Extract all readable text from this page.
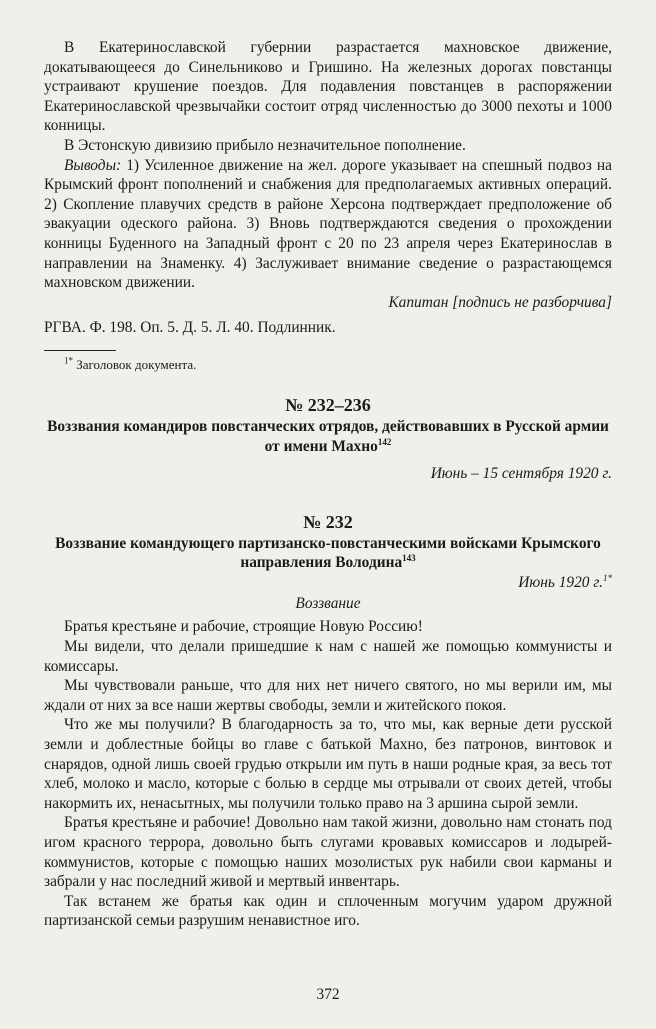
В Екатеринославской губернии разрастается махновское движение, докатывающееся до Синельниково и Гришино. На железных дорогах повстанцы устраивают крушение поездов. Для подавления повстанцев в распоряжении Екатеринославской чрезвычайки состоит отряд численностью до 3000 пехоты и 1000 конницы.

В Эстонскую дивизию прибыло незначительное пополнение.

Выводы: 1) Усиленное движение на жел. дороге указывает на спешный подвоз на Крымский фронт пополнений и снабжения для предполагаемых активных операций. 2) Скопление плавучих средств в районе Херсона подтверждает предположение об эвакуации одеского района. 3) Вновь подтверждаются сведения о прохождении конницы Буденного на Западный фронт с 20 по 23 апреля через Екатеринослав в направлении на Знаменку. 4) Заслуживает внимание сведение о разрастающемся махновском движении.

Капитан [подпись не разборчива]

РГВА. Ф. 198. Оп. 5. Д. 5. Л. 40. Подлинник.

$^{1*}$ Заголовок документа.

№ 232–236
Воззвания командиров повстанческих отрядов, действовавших в Русской армии от имени Махно$^{142}$

Июнь – 15 сентября 1920 г.

№ 232
Воззвание командующего партизанско-повстанческими войсками Крымского направления Володина$^{143}$

Июнь 1920 г.$^{1*}$

Воззвание

Братья крестьяне и рабочие, строящие Новую Россию!

Мы видели, что делали пришедшие к нам с нашей же помощью коммунисты и комиссары.

Мы чувствовали раньше, что для них нет ничего святого, но мы верили им, мы ждали от них за все наши жертвы свободы, земли и житейского покоя.

Что же мы получили? В благодарность за то, что мы, как верные дети русской земли и доблестные бойцы во главе с батькой Махно, без патронов, винтовок и снарядов, одной лишь своей грудью открыли им путь в наши родные края, за весь тот хлеб, молоко и масло, которые с болью в сердце мы отрывали от своих детей, чтобы накормить их, ненасытных, мы получили только право на 3 аршина сырой земли.

Братья крестьяне и рабочие! Довольно нам такой жизни, довольно нам стонать под игом красного террора, довольно быть слугами кровавых комиссаров и лодырей-коммунистов, которые с помощью наших мозолистых рук набили свои карманы и забрали у нас последний живой и мертвый инвентарь.

Так встанем же братья как один и сплоченным могучим ударом дружной партизанской семьи разрушим ненавистное иго.

372
